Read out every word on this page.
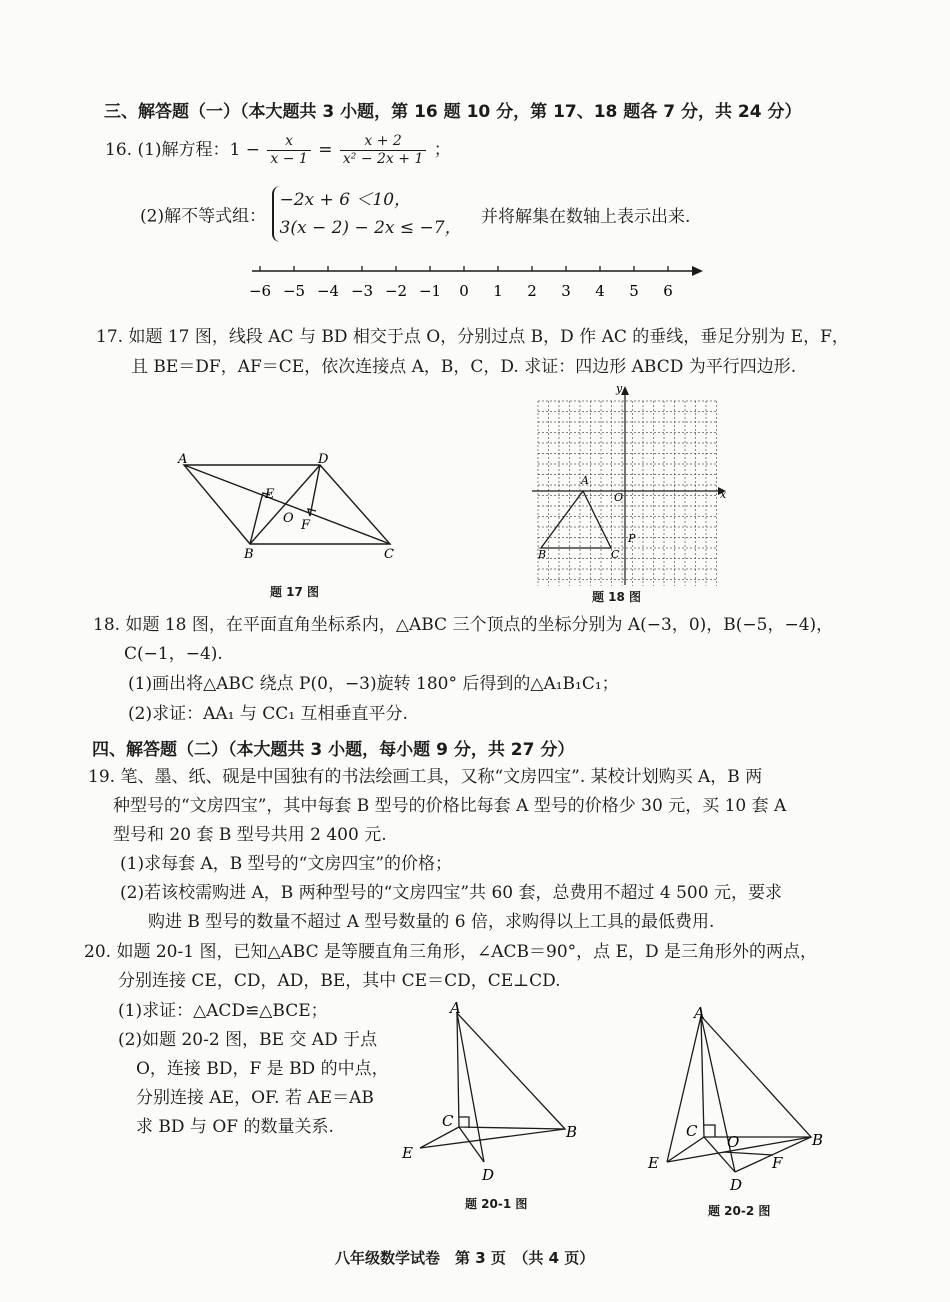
三、解答题（一）（本大题共 3 小题，第 16 题 10 分，第 17、18 题各 7 分，共 24 分）
16. (1)解方程：$1 - \frac{x}{x - 1} = \frac{x + 2}{\text{x² − 2x + 1}}$ ；
(2)解不等式组：
−2x + 6 ＜10，
3(x − 2) − 2x ≤ −7，
并将解集在数轴上表示出来.
−6 −5 −4 −3 −2 −1 0 1 2 3 4 5 6
17. 如题 17 图，线段 AC 与 BD 相交于点 O，分别过点 B，D 作 AC 的垂线，垂足分别为 E，F，
且 BE＝DF，AF＝CE，依次连接点 A，B，C，D. 求证：四边形 ABCD 为平行四边形.
A	D
B	C
E
O F
题 17 图
x
y
O
A
B	C
P
题 18 图
18. 如题 18 图，在平面直角坐标系内，△ABC 三个顶点的坐标分别为 A(−3，0)，B(−5，−4)，
C(−1，−4).
(1)画出将△ABC 绕点 P(0，−3)旋转 180° 后得到的△A₁B₁C₁；
(2)求证：AA₁ 与 CC₁ 互相垂直平分.
四、解答题（二）（本大题共 3 小题，每小题 9 分，共 27 分）
19. 笔、墨、纸、砚是中国独有的书法绘画工具，又称“文房四宝”. 某校计划购买 A，B 两
种型号的“文房四宝”，其中每套 B 型号的价格比每套 A 型号的价格少 30 元，买 10 套 A
型号和 20 套 B 型号共用 2 400 元.
(1)求每套 A，B 型号的“文房四宝”的价格；
(2)若该校需购进 A，B 两种型号的“文房四宝”共 60 套，总费用不超过 4 500 元，要求
购进 B 型号的数量不超过 A 型号数量的 6 倍，求购得以上工具的最低费用.
20. 如题 20-1 图，已知△ABC 是等腰直角三角形，∠ACB＝90°，点 E，D 是三角形外的两点，
分别连接 CE，CD，AD，BE，其中 CE＝CD，CE⊥CD.
(1)求证：△ACD≌△BCE；
(2)如题 20-2 图，BE 交 AD 于点
O，连接 BD，F 是 BD 的中点，
分别连接 AE，OF. 若 AE＝AB
求 BD 与 OF 的数量关系.
A
C
B
E
D
题 20-1 图
A
C
O	B
E	F
D
题 20-2 图
八年级数学试卷　第 3 页　（共 4 页）
